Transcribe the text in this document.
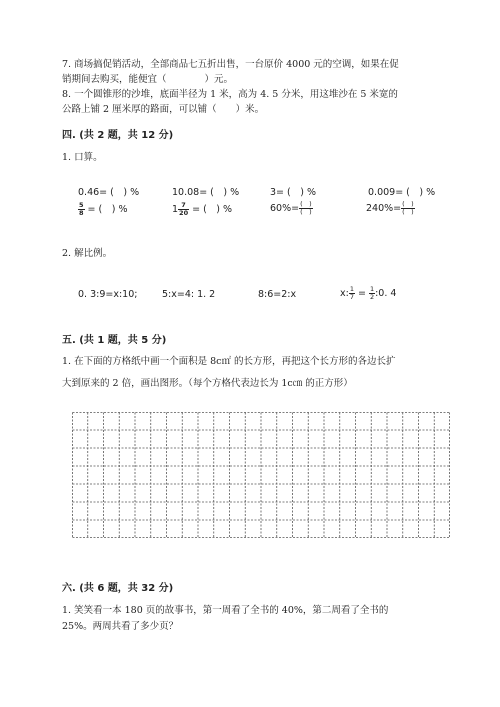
7. 商场搞促销活动，全部商品七五折出售，一台原价 4000 元的空调，如果在促
销期间去购买，能便宜（　　　　）元。
8. 一个圆锥形的沙堆，底面半径为 1 米，高为 4. 5 分米，用这堆沙在 5 米宽的
公路上铺 2 厘米厚的路面，可以铺（　　）米。
四. (共 2 题，共 12 分)
1. 口算。
0.46= (　) %	10.08= (　) %	3= (　) %	0.009= (　) %
$\frac{5}{8}$ = (　) %	$1 \frac{7}{20}$ = (　) %	$60\%= \frac{( )}{( )}$	$240\%= \frac{( )}{( )}$
2. 解比例。
0. 3:9=x:10;	5:x=4: 1. 2	8:6=2:x	x: $\frac{1}{7} = \frac{1}{2}$ :0. 4
五. (共 1 题，共 5 分)
1. 在下面的方格纸中画一个面积是 8c㎡ 的长方形，再把这个长方形的各边长扩
大到原来的 2 倍，画出图形。（每个方格代表边长为 1c㎝ 的正方形）
六. (共 6 题，共 32 分)
1. 笑笑看一本 180 页的故事书，第一周看了全书的 40%，第二周看了全书的
25%。两周共看了多少页？
